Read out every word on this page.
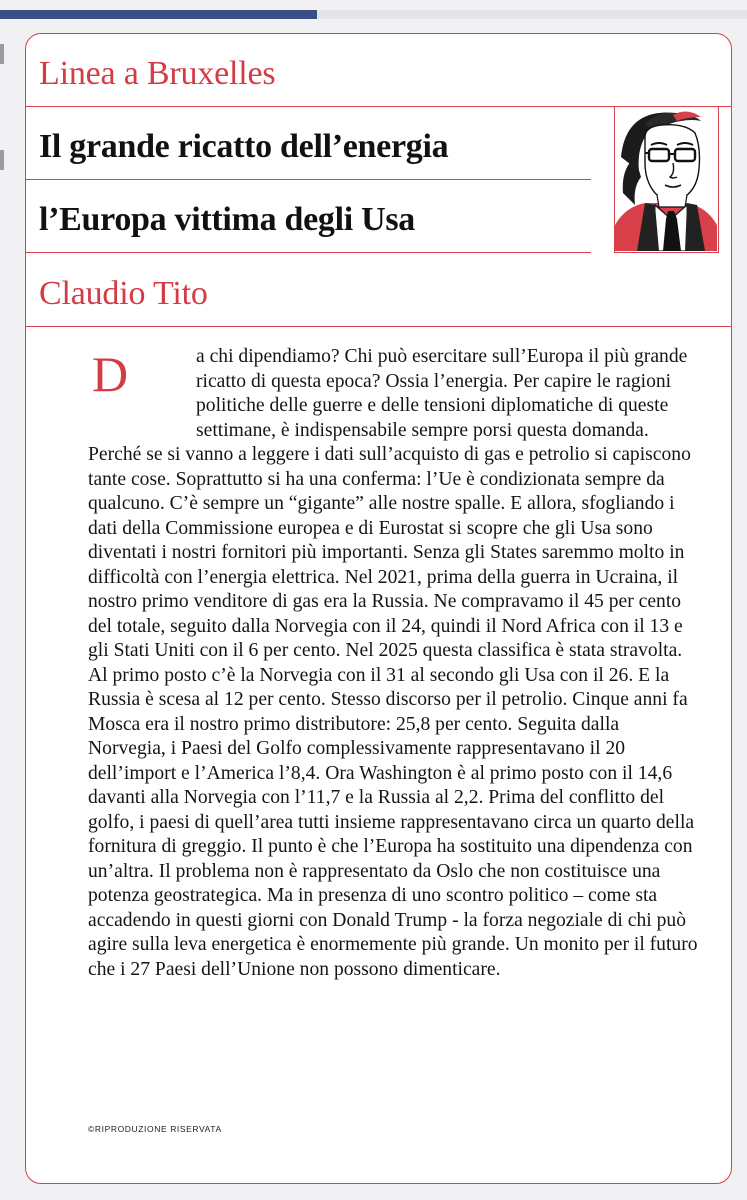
Linea a Bruxelles
Il grande ricatto dell’energia
l’Europa vittima degli Usa
Claudio Tito

D	a chi dipendiamo? Chi può esercitare sull’Europa il più grande ricatto di questa epoca? Ossia l’energia. Per capire le ragioni politiche delle guerre e delle tensioni diplomatiche di queste settimane, è indispensabile sempre porsi questa domanda. Perché se si vanno a leggere i dati sull’acquisto di gas e petrolio si capiscono tante cose. Soprattutto si ha una conferma: l’Ue è condizionata sempre da qualcuno. C’è sempre un “gigante” alle nostre spalle. E allora, sfogliando i dati della Commissione europea e di Eurostat si scopre che gli Usa sono diventati i nostri fornitori più importanti. Senza gli States saremmo molto in difficoltà con l’energia elettrica. Nel 2021, prima della guerra in Ucraina, il nostro primo venditore di gas era la Russia. Ne compravamo il 45 per cento del totale, seguito dalla Norvegia con il 24, quindi il Nord Africa con il 13 e gli Stati Uniti con il 6 per cento. Nel 2025 questa classifica è stata stravolta. Al primo posto c’è la Norvegia con il 31 al secondo gli Usa con il 26. E la Russia è scesa al 12 per cento. Stesso discorso per il petrolio. Cinque anni fa Mosca era il nostro primo distributore: 25,8 per cento. Seguita dalla Norvegia, i Paesi del Golfo complessivamente rappresentavano il 20 dell’import e l’America l’8,4. Ora Washington è al primo posto con il 14,6 davanti alla Norvegia con l’11,7 e la Russia al 2,2. Prima del conflitto del golfo, i paesi di quell’area tutti insieme rappresentavano circa un quarto della fornitura di greggio. Il punto è che l’Europa ha sostituito una dipendenza con un’altra. Il problema non è rappresentato da Oslo che non costituisce una potenza geostrategica. Ma in presenza di uno scontro politico – come sta accadendo in questi giorni con Donald Trump - la forza negoziale di chi può agire sulla leva energetica è enormemente più grande. Un monito per il futuro che i 27 Paesi dell’Unione non possono dimenticare.

©RIPRODUZIONE RISERVATA
